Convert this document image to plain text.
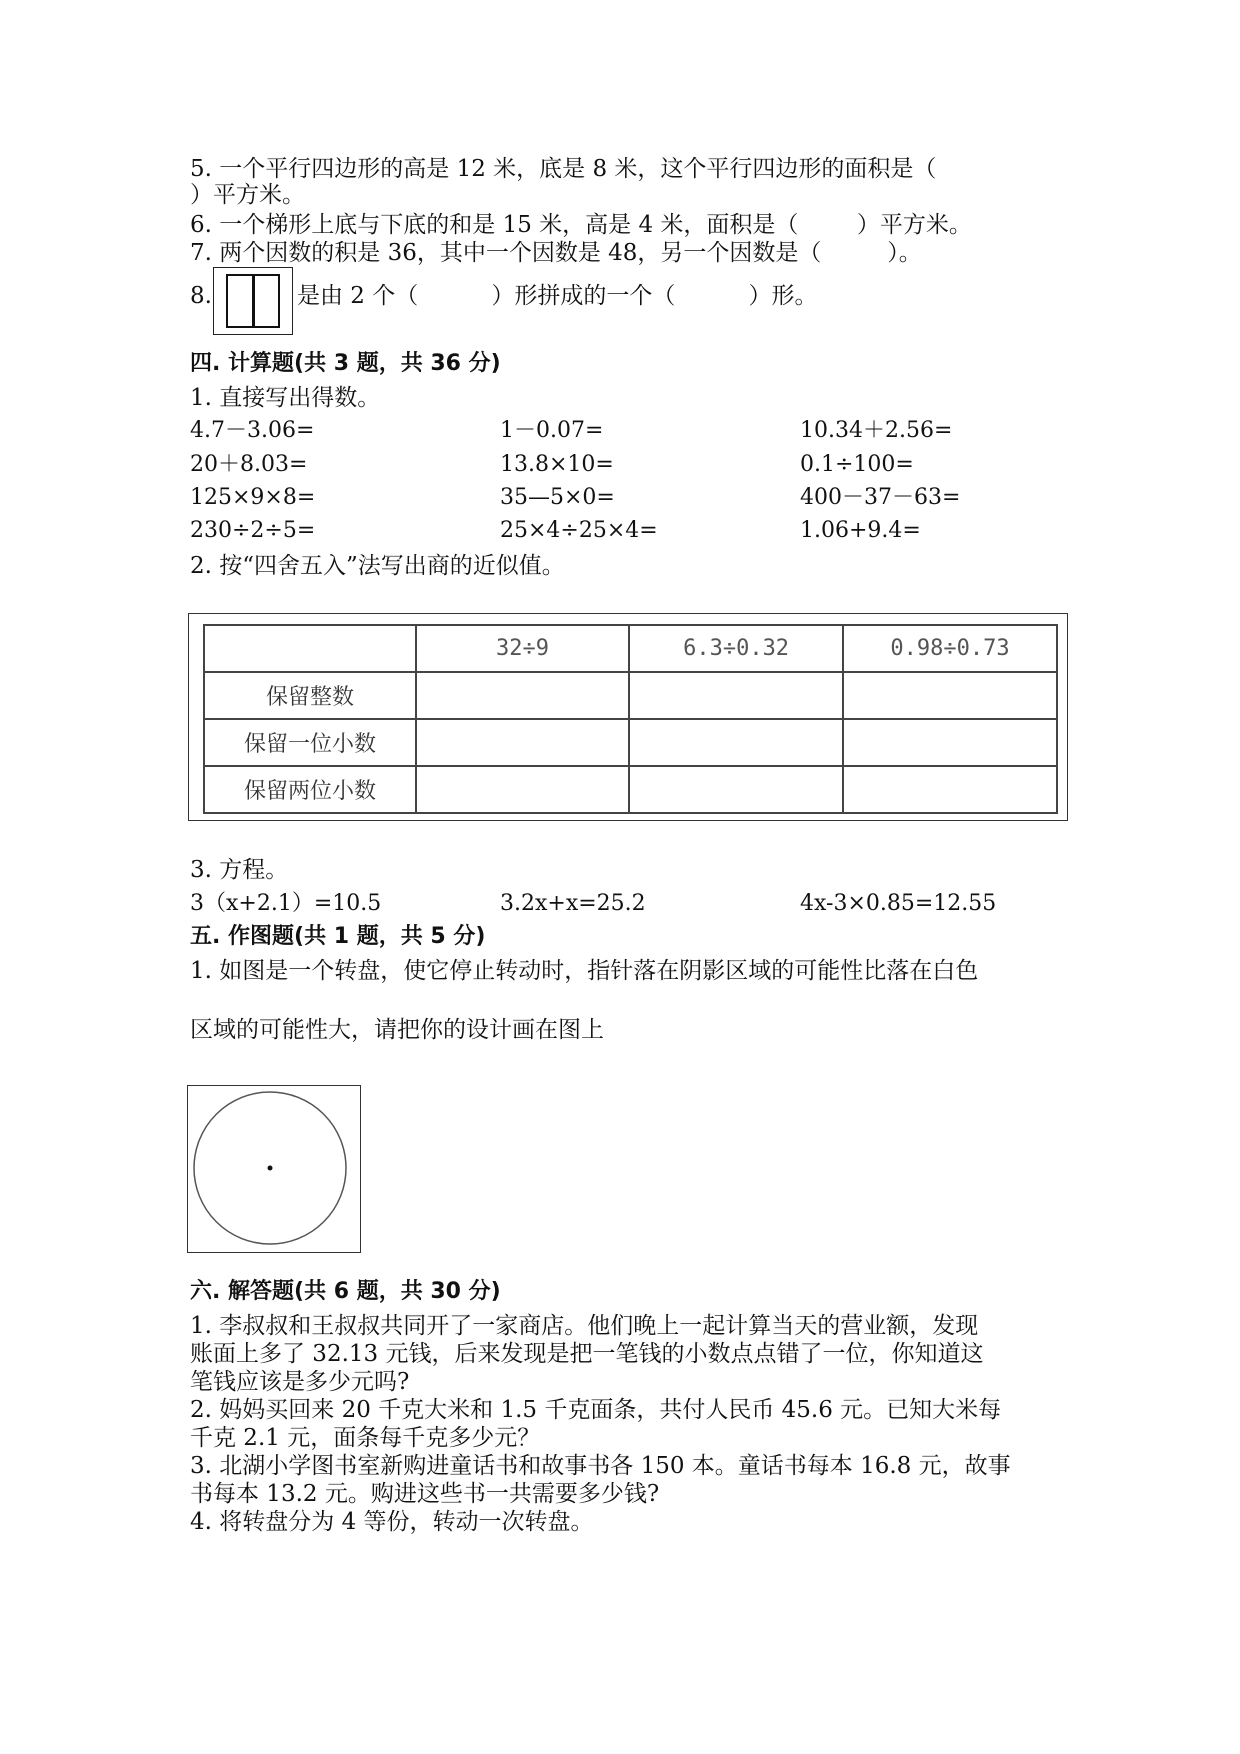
5. 一个平行四边形的高是 12 米，底是 8 米，这个平行四边形的面积是（
）平方米。
6. 一个梯形上底与下底的和是 15 米，高是 4 米，面积是（        ）平方米。
7. 两个因数的积是 36，其中一个因数是 48，另一个因数是（         ）。
8.	是由 2 个（          ）形拼成的一个（          ）形。
四. 计算题(共 3 题，共 36 分)
1. 直接写出得数。
4.7－3.06=	1－0.07=	10.34＋2.56=
20＋8.03=	13.8×10=	0.1÷100=
125×9×8=	35—5×0=	400－37－63=
230÷2÷5=	25×4÷25×4=	1.06+9.4=
2. 按“四舍五入”法写出商的近似值。
	32÷9	6.3÷0.32	0.98÷0.73
保留整数			
保留一位小数			
保留两位小数			
3. 方程。
3（x+2.1）=10.5	3.2x+x=25.2	4x-3×0.85=12.55
五. 作图题(共 1 题，共 5 分)
1. 如图是一个转盘，使它停止转动时，指针落在阴影区域的可能性比落在白色
区域的可能性大，请把你的设计画在图上
六. 解答题(共 6 题，共 30 分)
1. 李叔叔和王叔叔共同开了一家商店。他们晚上一起计算当天的营业额，发现
账面上多了 32.13 元钱，后来发现是把一笔钱的小数点点错了一位，你知道这
笔钱应该是多少元吗?
2. 妈妈买回来 20 千克大米和 1.5 千克面条，共付人民币 45.6 元。已知大米每
千克 2.1 元，面条每千克多少元？
3. 北湖小学图书室新购进童话书和故事书各 150 本。童话书每本 16.8 元，故事
书每本 13.2 元。购进这些书一共需要多少钱?
4. 将转盘分为 4 等份，转动一次转盘。
